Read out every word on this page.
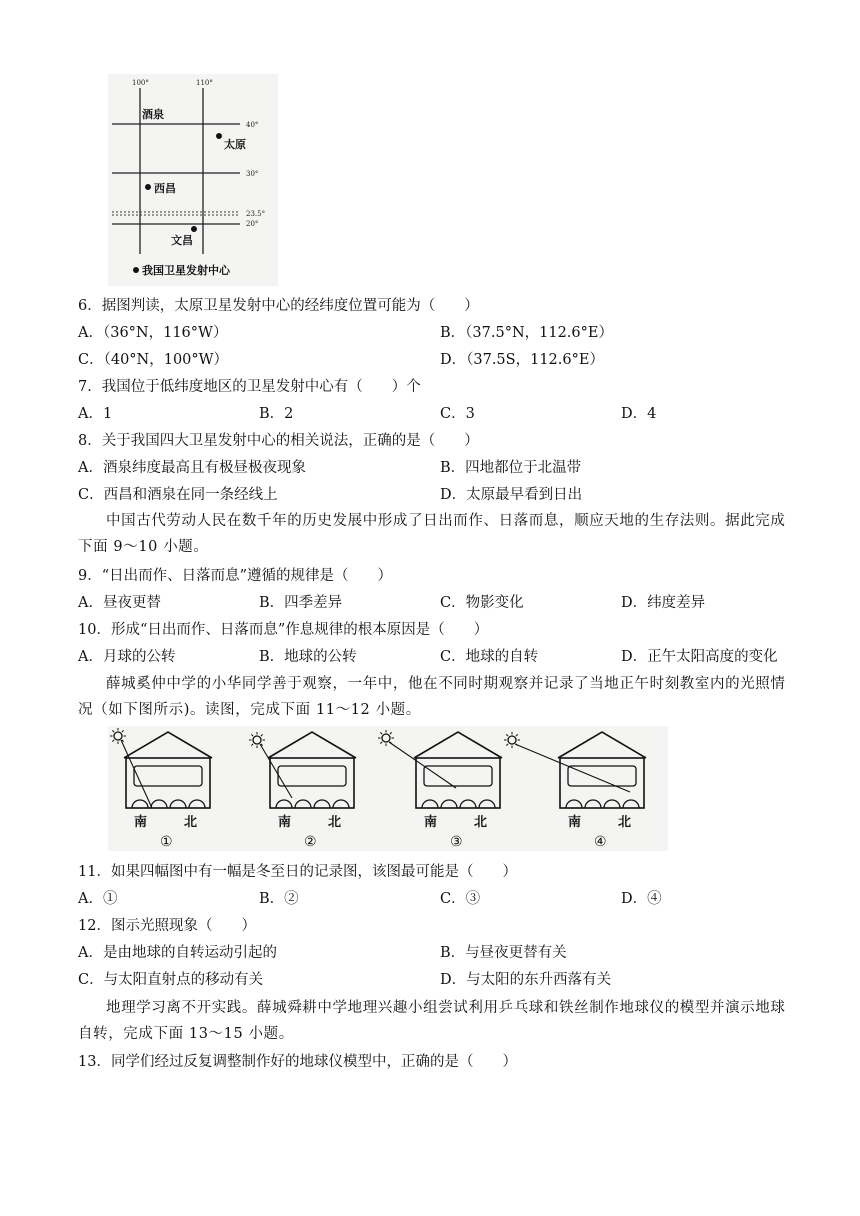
100°	110°
40°
30°
23.5°
20°
酒泉
太原
西昌
文昌
我国卫星发射中心
6．据图判读，太原卫星发射中心的经纬度位置可能为（　　）
A．（36°N，116°W）	B．（37.5°N，112.6°E）
C．（40°N，100°W）	D．（37.5S，112.6°E）
7．我国位于低纬度地区的卫星发射中心有（　　）个
A．1	B．2	C．3	D．4
8．关于我国四大卫星发射中心的相关说法，正确的是（　　）
A．酒泉纬度最高且有极昼极夜现象	B．四地都位于北温带
C．西昌和酒泉在同一条经线上	D．太原最早看到日出
中国古代劳动人民在数千年的历史发展中形成了日出而作、日落而息，顺应天地的生存法则。据此完成下面 9～10 小题。
9．“日出而作、日落而息”遵循的规律是（　　）
A．昼夜更替	B．四季差异	C．物影变化	D．纬度差异
10．形成“日出而作、日落而息”作息规律的根本原因是（　　）
A．月球的公转	B．地球的公转	C．地球的自转	D．正午太阳高度的变化
薛城奚仲中学的小华同学善于观察，一年中，他在不同时期观察并记录了当地正午时刻教室内的光照情况（如下图所示)。读图，完成下面 11～12 小题。
南	北
①
南	北
②
南	北
③
南	北
④
11．如果四幅图中有一幅是冬至日的记录图，该图最可能是（　　）
A．①	B．②	C．③	D．④
12．图示光照现象（　　）
A．是由地球的自转运动引起的	B．与昼夜更替有关
C．与太阳直射点的移动有关	D．与太阳的东升西落有关
地理学习离不开实践。薛城舜耕中学地理兴趣小组尝试利用乒乓球和铁丝制作地球仪的模型并演示地球自转，完成下面 13～15 小题。
13．同学们经过反复调整制作好的地球仪模型中，正确的是（　　）
